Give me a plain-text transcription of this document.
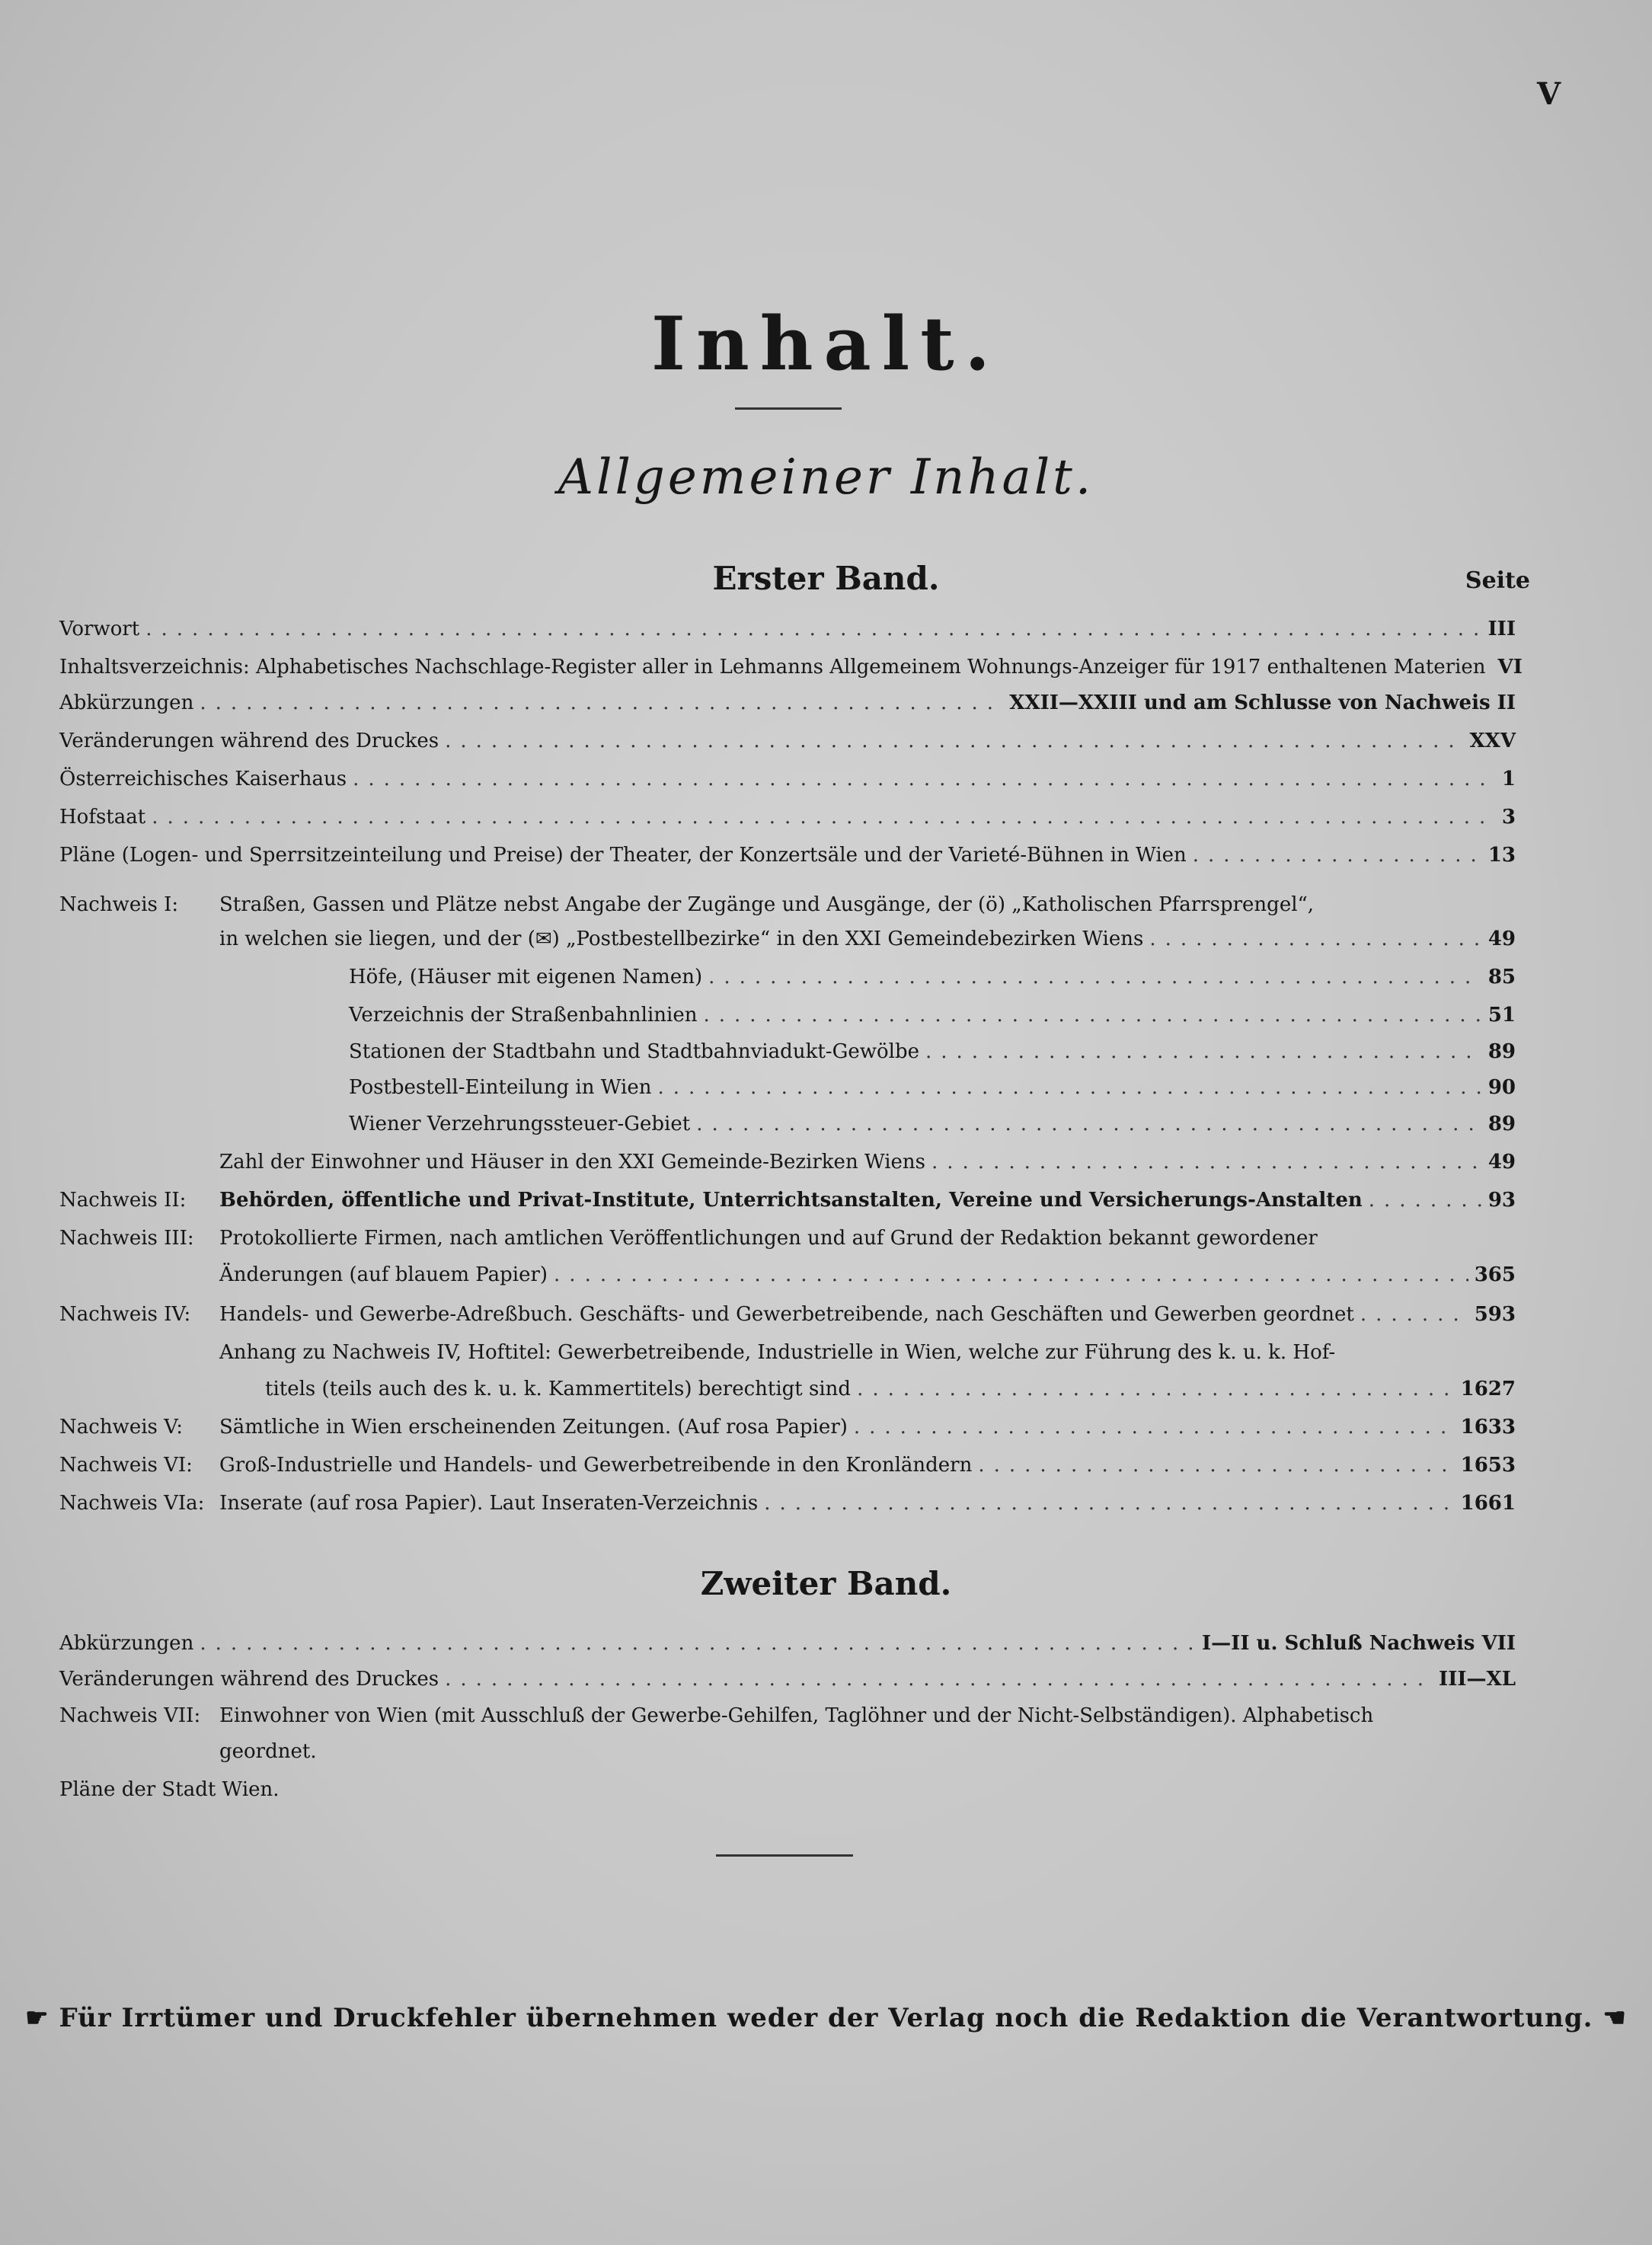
V
Inhalt.
Allgemeiner Inhalt.
Erster Band.	Seite
Vorwort .....	III
Inhaltsverzeichnis: Alphabetisches Nachschlage-Register aller in Lehmanns Allgemeinem Wohnungs-Anzeiger für 1917 enthaltenen Materien VI
Abkürzungen .....	XXII—XXIII und am Schlusse von Nachweis II
Veränderungen während des Druckes .....	XXV
Österreichisches Kaiserhaus .....	1
Hofstaat .....	3
Pläne (Logen- und Sperrsitzeinteilung und Preise) der Theater, der Konzertsäle und der Varieté-Bühnen in Wien .....	13
Nachweis I: Straßen, Gassen und Plätze nebst Angabe der Zugänge und Ausgänge, der (ö) „Katholischen Pfarrsprengel“,
in welchen sie liegen, und der (✉) „Postbestellbezirke“ in den XXI Gemeindebezirken Wiens .....	49
Höfe, (Häuser mit eigenen Namen) .....	85
Verzeichnis der Straßenbahnlinien .....	51
Stationen der Stadtbahn und Stadtbahnviadukt-Gewölbe .....	89
Postbestell-Einteilung in Wien .....	90
Wiener Verzehrungssteuer-Gebiet .....	89
Zahl der Einwohner und Häuser in den XXI Gemeinde-Bezirken Wiens .....	49
Nachweis II: Behörden, öffentliche und Privat-Institute, Unterrichtsanstalten, Vereine und Versicherungs-Anstalten .....	93
Nachweis III: Protokollierte Firmen, nach amtlichen Veröffentlichungen und auf Grund der Redaktion bekannt gewordener
Änderungen (auf blauem Papier) .....	365
Nachweis IV: Handels- und Gewerbe-Adreßbuch. Geschäfts- und Gewerbetreibende, nach Geschäften und Gewerben geordnet .....	593
Anhang zu Nachweis IV, Hoftitel: Gewerbetreibende, Industrielle in Wien, welche zur Führung des k. u. k. Hof-
titels (teils auch des k. u. k. Kammertitels) berechtigt sind .....	1627
Nachweis V: Sämtliche in Wien erscheinenden Zeitungen. (Auf rosa Papier) .....	1633
Nachweis VI: Groß-Industrielle und Handels- und Gewerbetreibende in den Kronländern .....	1653
Nachweis VIa: Inserate (auf rosa Papier). Laut Inseraten-Verzeichnis .....	1661
Zweiter Band.
Abkürzungen .....	I—II u. Schluß Nachweis VII
Veränderungen während des Druckes .....	III—XL
Nachweis VII: Einwohner von Wien (mit Ausschluß der Gewerbe-Gehilfen, Taglöhner und der Nicht-Selbständigen). Alphabetisch
geordnet.
Pläne der Stadt Wien.
☛ Für Irrtümer und Druckfehler übernehmen weder der Verlag noch die Redaktion die Verantwortung. ☚
